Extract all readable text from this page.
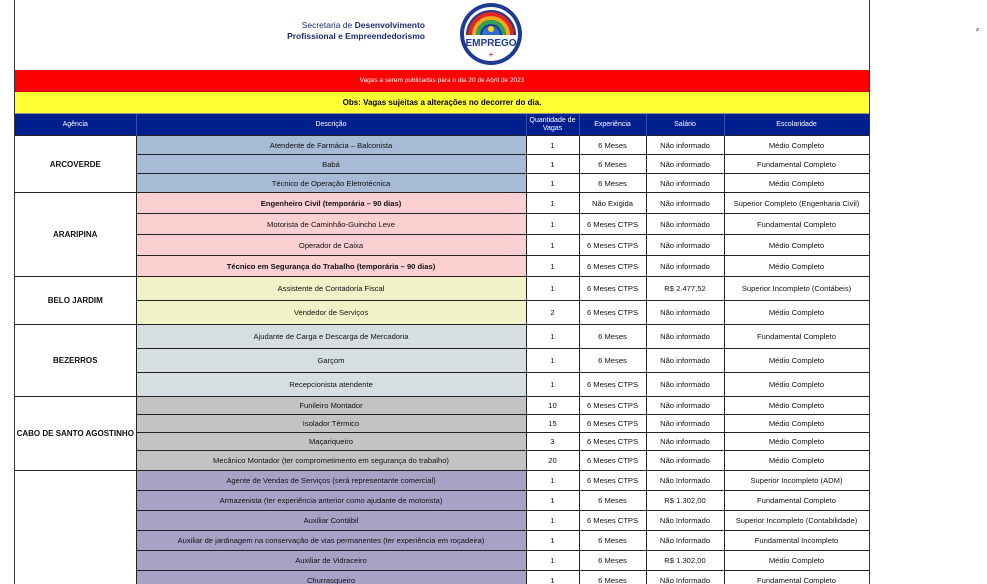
Secretaria de Desenvolvimento
Profissional e Empreendedorismo
EMPREGO
+
Vagas a serem publicadas para o dia 20 de Abril de 2023
Obs: Vagas sujeitas a alterações no decorrer do dia.
Agência	Descrição	Quantidade de Vagas	Experiência	Salário	Escolaridade
ARCOVERDE	Atendente de Farmácia – Balconista	1	6 Meses	Não informado	Médio Completo
	Babá	1	6 Meses	Não informado	Fundamental Completo
	Técnico de Operação Eletrotécnica	1	6 Meses	Não informado	Médio Completo
ARARIPINA	Engenheiro Civil (temporária – 90 dias)	1	Não Exigida	Não informado	Superior Completo (Engenharia Civil)
	Motorista de Caminhão-Guincho Leve	1	6 Meses CTPS	Não informado	Fundamental Completo
	Operador de Caixa	1	6 Meses CTPS	Não informado	Médio Completo
	Técnico em Segurança do Trabalho (temporária – 90 dias)	1	6 Meses CTPS	Não informado	Médio Completo
BELO JARDIM	Assistente de Contadoria Fiscal	1	6 Meses CTPS	R$ 2.477,52	Superior Incompleto (Contábeis)
	Vendedor de Serviços	2	6 Meses CTPS	Não informado	Médio Completo
BEZERROS	Ajudante de Carga e Descarga de Mercadoria	1	6 Meses	Não informado	Fundamental Completo
	Garçom	1	6 Meses	Não informado	Médio Completo
	Recepcionista atendente	1	6 Meses CTPS	Não informado	Médio Completo
CABO DE SANTO AGOSTINHO	Funileiro Montador	10	6 Meses CTPS	Não informado	Médio Completo
	Isolador Térmico	15	6 Meses CTPS	Não informado	Médio Completo
	Maçariqueiro	3	6 Meses CTPS	Não informado	Médio Completo
	Mecânico Montador (ter comprometimento em segurança do trabalho)	20	6 Meses CTPS	Não informado	Médio Completo
	Agente de Vendas de Serviços (será representante comercial)	1	6 Meses CTPS	Não Informado	Superior Incompleto (ADM)
	Armazenista (ter experiência anterior como ajudante de motorista)	1	6 Meses	R$ 1.302,00	Fundamental Completo
	Auxiliar Contábil	1	6 Meses CTPS	Não Informado	Superior Incompleto (Contabilidade)
	Auxiliar de jardinagem na conservação de vias permanentes (ter experiência em roçadeira)	1	6 Meses	Não Informado	Fundamental Incompleto
	Auxiliar de Vidraceiro	1	6 Meses	R$ 1.302,00	Médio Completo
	Churrasqueiro	1	6 Meses	Não Informado	Fundamental Completo
⸗
